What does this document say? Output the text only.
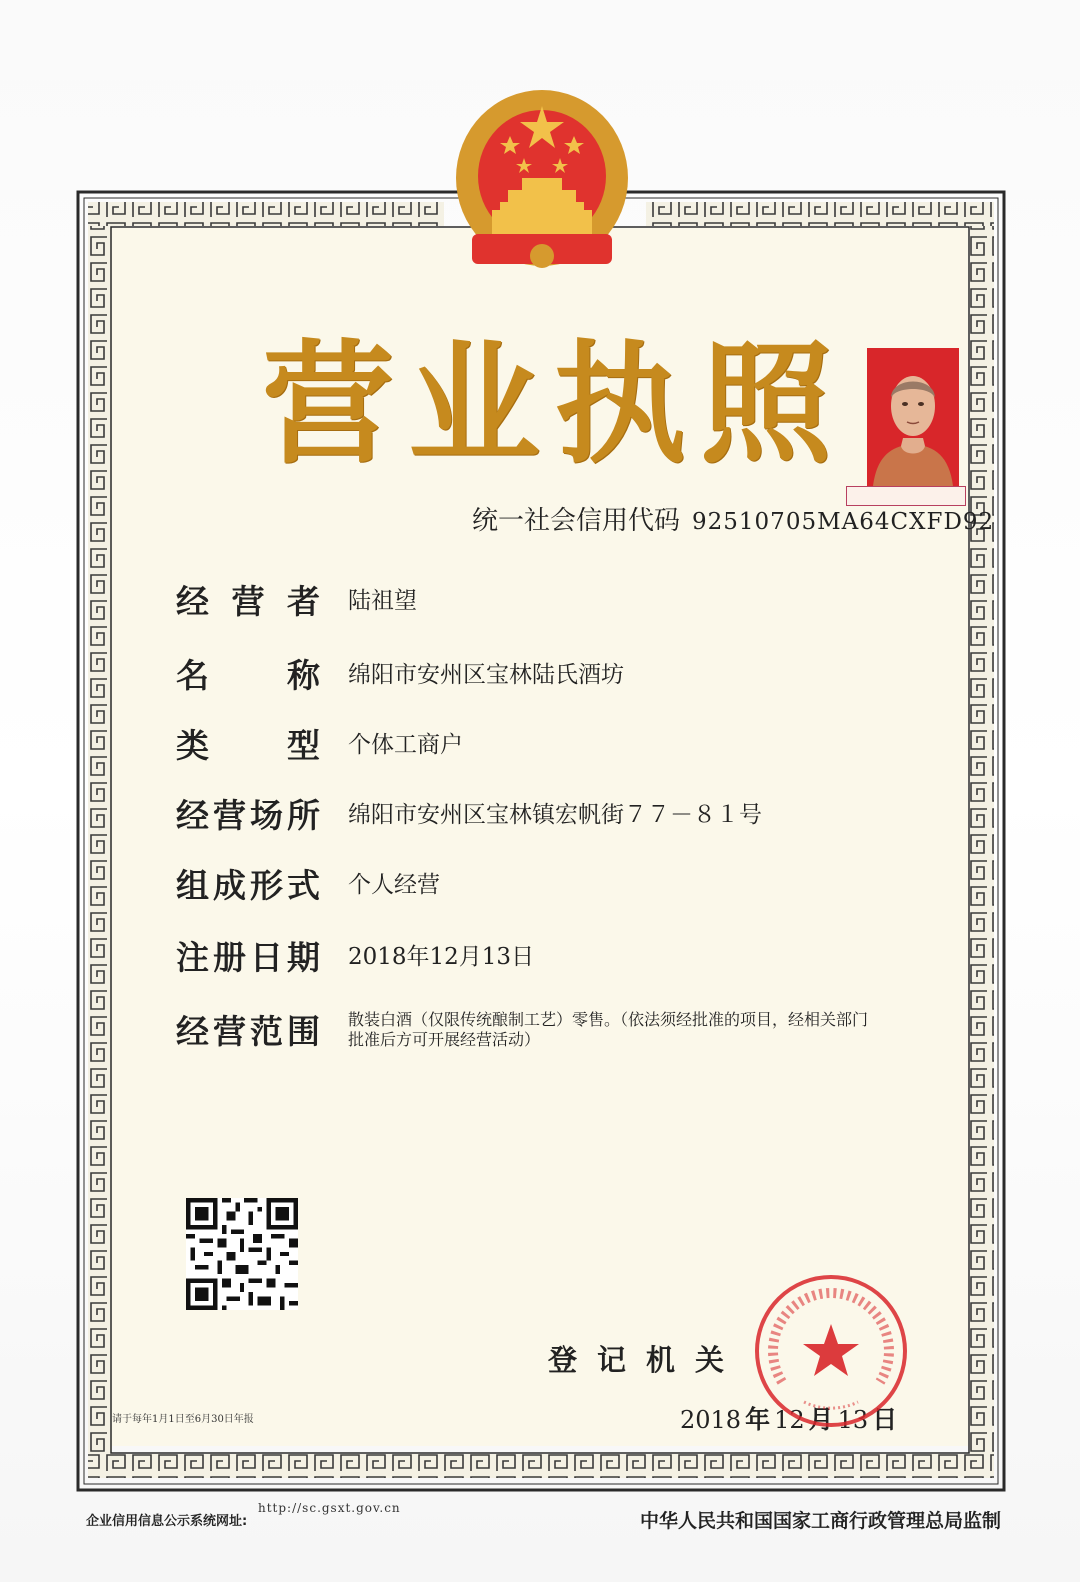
营 业 执 照
统一社会信用代码 92510705MA64CXFD92
经 营 者 陆祖望
名 称 绵阳市安州区宝林陆氏酒坊
类 型 个体工商户
经 营 场 所 绵阳市安州区宝林镇宏帆街７７－８１号
组 成 形 式 个人经营
注 册 日 期 2018年12月13日
经 营 范 围 散装白酒（仅限传统酿制工艺）零售。（依法须经批准的项目，经相关部门批准后方可开展经营活动）
登 记 机 关
2018 年 12 月 13 日
请于每年1月1日至6月30日年报
企业信用信息公示系统网址:
http://sc.gsxt.gov.cn
中华人民共和国国家工商行政管理总局监制
